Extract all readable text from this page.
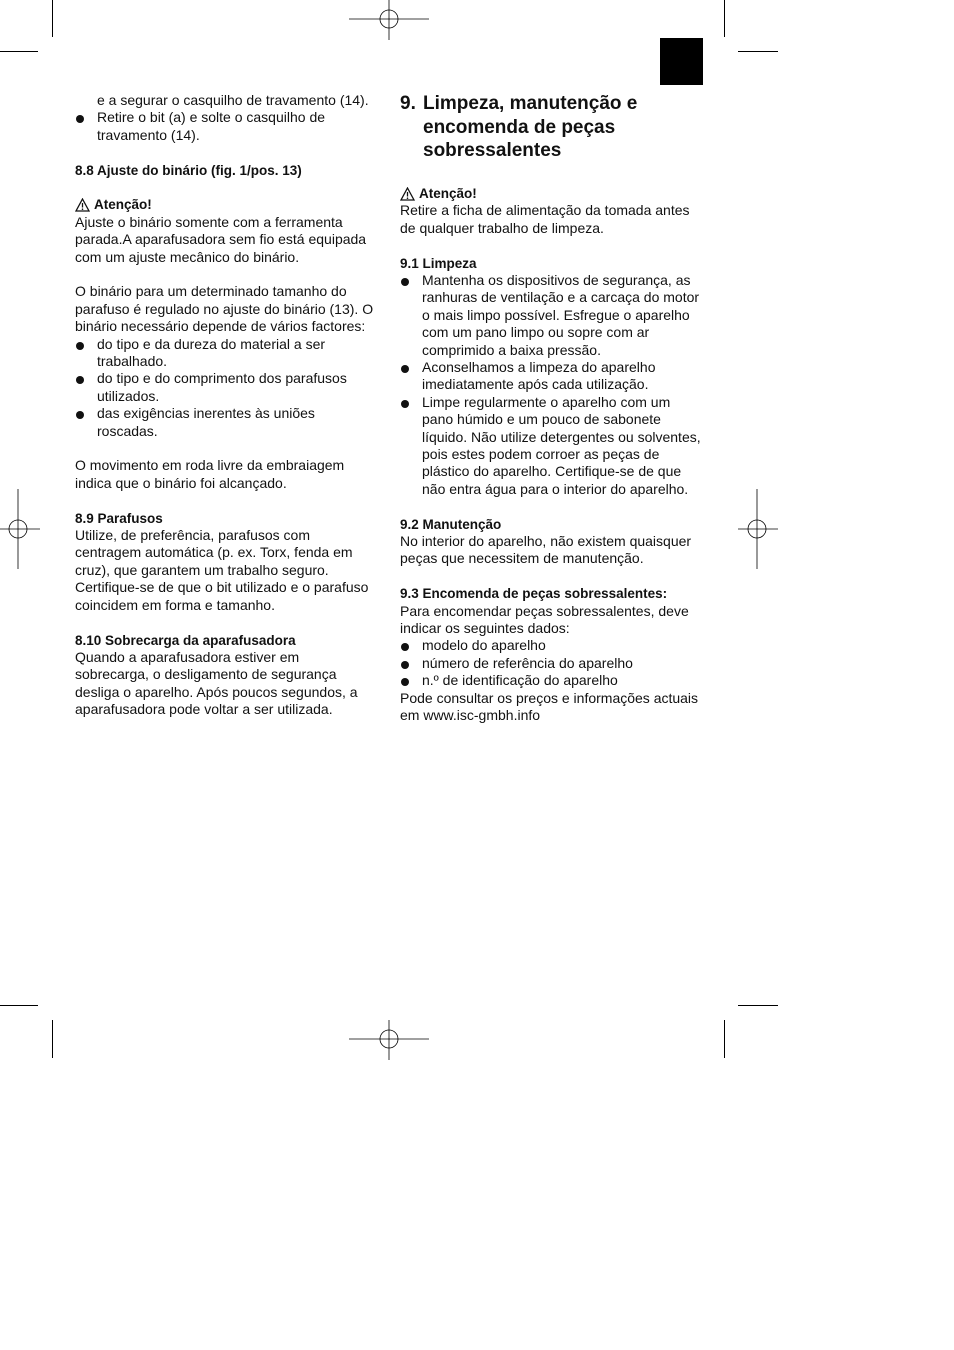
e a segurar o casquilho de travamento (14).

Retire o bit (a) e solte o casquilho de travamento (14).

8.8 Ajuste do binário (fig. 1/pos. 13)

Atenção!

Ajuste o binário somente com a ferramenta parada.A aparafusadora sem fio está equipada com um ajuste mecânico do binário.

O binário para um determinado tamanho do parafuso é regulado no ajuste do binário (13). O binário necessário depende de vários factores:

do tipo e da dureza do material a ser trabalhado.

do tipo e do comprimento dos parafusos utilizados.

das exigências inerentes às uniões roscadas.

O movimento em roda livre da embraiagem indica que o binário foi alcançado.

8.9 Parafusos

Utilize, de preferência, parafusos com centragem automática (p. ex. Torx, fenda em cruz), que garantem um trabalho seguro. Certifique-se de que o bit utilizado e o parafuso coincidem em forma e tamanho.

8.10 Sobrecarga da aparafusadora

Quando a aparafusadora estiver em sobrecarga, o desligamento de segurança desliga o aparelho. Após poucos segundos, a aparafusadora pode voltar a ser utilizada.

9. Limpeza, manutenção e encomenda de peças sobressalentes

Atenção!

Retire a ficha de alimentação da tomada antes de qualquer trabalho de limpeza.

9.1 Limpeza

Mantenha os dispositivos de segurança, as ranhuras de ventilação e a carcaça do motor o mais limpo possível. Esfregue o aparelho com um pano limpo ou sopre com ar comprimido a baixa pressão.

Aconselhamos a limpeza do aparelho imediatamente após cada utilização.

Limpe regularmente o aparelho com um pano húmido e um pouco de sabonete líquido. Não utilize detergentes ou solventes, pois estes podem corroer as peças de plástico do aparelho. Certifique-se de que não entra água para o interior do aparelho.

9.2 Manutenção

No interior do aparelho, não existem quaisquer peças que necessitem de manutenção.

9.3 Encomenda de peças sobressalentes:

Para encomendar peças sobressalentes, deve indicar os seguintes dados:

modelo do aparelho

número de referência do aparelho

n.º de identificação do aparelho

Pode consultar os preços e informações actuais em www.isc-gmbh.info
